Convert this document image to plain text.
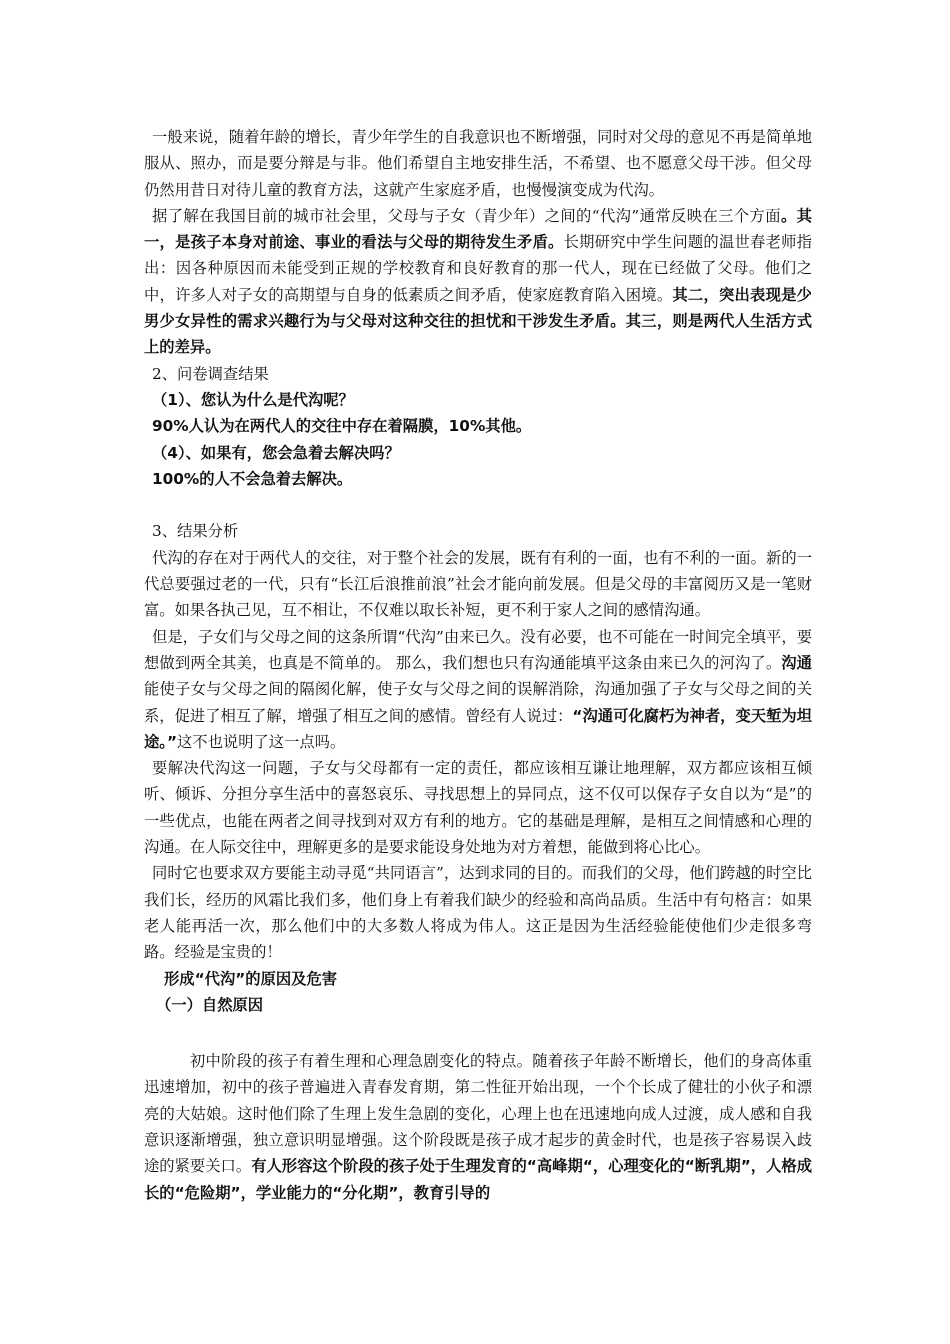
一般来说，随着年龄的增长，青少年学生的自我意识也不断增强，同时对父母的意见不再是简单地服从、照办，而是要分辩是与非。他们希望自主地安排生活，不希望、也不愿意父母干涉。但父母仍然用昔日对待儿童的教育方法，这就产生家庭矛盾，也慢慢演变成为代沟。

据了解在我国目前的城市社会里，父母与子女（青少年）之间的“代沟”通常反映在三个方面。其一，是孩子本身对前途、事业的看法与父母的期待发生矛盾。长期研究中学生问题的温世春老师指出：因各种原因而未能受到正规的学校教育和良好教育的那一代人，现在已经做了父母。他们之中，许多人对子女的高期望与自身的低素质之间矛盾，使家庭教育陷入困境。其二，突出表现是少男少女异性的需求兴趣行为与父母对这种交往的担忧和干涉发生矛盾。其三，则是两代人生活方式上的差异。

2、问卷调查结果

（1）、您认为什么是代沟呢？

90%人认为在两代人的交往中存在着隔膜，10%其他。

（4）、如果有，您会急着去解决吗？

100%的人不会急着去解决。

3、结果分析

代沟的存在对于两代人的交往，对于整个社会的发展，既有有利的一面，也有不利的一面。新的一代总要强过老的一代，只有“长江后浪推前浪”社会才能向前发展。但是父母的丰富阅历又是一笔财富。如果各执己见，互不相让，不仅难以取长补短，更不利于家人之间的感情沟通。

但是，子女们与父母之间的这条所谓“代沟”由来已久。没有必要，也不可能在一时间完全填平，要想做到两全其美，也真是不简单的。 那么，我们想也只有沟通能填平这条由来已久的河沟了。沟通能使子女与父母之间的隔阂化解，使子女与父母之间的误解消除，沟通加强了子女与父母之间的关系，促进了相互了解，增强了相互之间的感情。曾经有人说过：“沟通可化腐朽为神者，变天堑为坦途。”这不也说明了这一点吗。

要解决代沟这一问题，子女与父母都有一定的责任，都应该相互谦让地理解，双方都应该相互倾听、倾诉、分担分享生活中的喜怒哀乐、寻找思想上的异同点，这不仅可以保存子女自以为“是”的一些优点，也能在两者之间寻找到对双方有利的地方。它的基础是理解，是相互之间情感和心理的沟通。在人际交往中，理解更多的是要求能设身处地为对方着想，能做到将心比心。

同时它也要求双方要能主动寻觅“共同语言”，达到求同的目的。而我们的父母，他们跨越的时空比我们长，经历的风霜比我们多，他们身上有着我们缺少的经验和高尚品质。生活中有句格言：如果老人能再活一次，那么他们中的大多数人将成为伟人。这正是因为生活经验能使他们少走很多弯路。经验是宝贵的！

形成“代沟”的原因及危害

（一）自然原因

初中阶段的孩子有着生理和心理急剧变化的特点。随着孩子年龄不断增长，他们的身高体重迅速增加，初中的孩子普遍进入青春发育期，第二性征开始出现，一个个长成了健壮的小伙子和漂亮的大姑娘。这时他们除了生理上发生急剧的变化，心理上也在迅速地向成人过渡，成人感和自我意识逐渐增强，独立意识明显增强。这个阶段既是孩子成才起步的黄金时代，也是孩子容易误入歧途的紧要关口。有人形容这个阶段的孩子处于生理发育的“高峰期“，心理变化的“断乳期”，人格成长的“危险期”，学业能力的“分化期”，教育引导的
